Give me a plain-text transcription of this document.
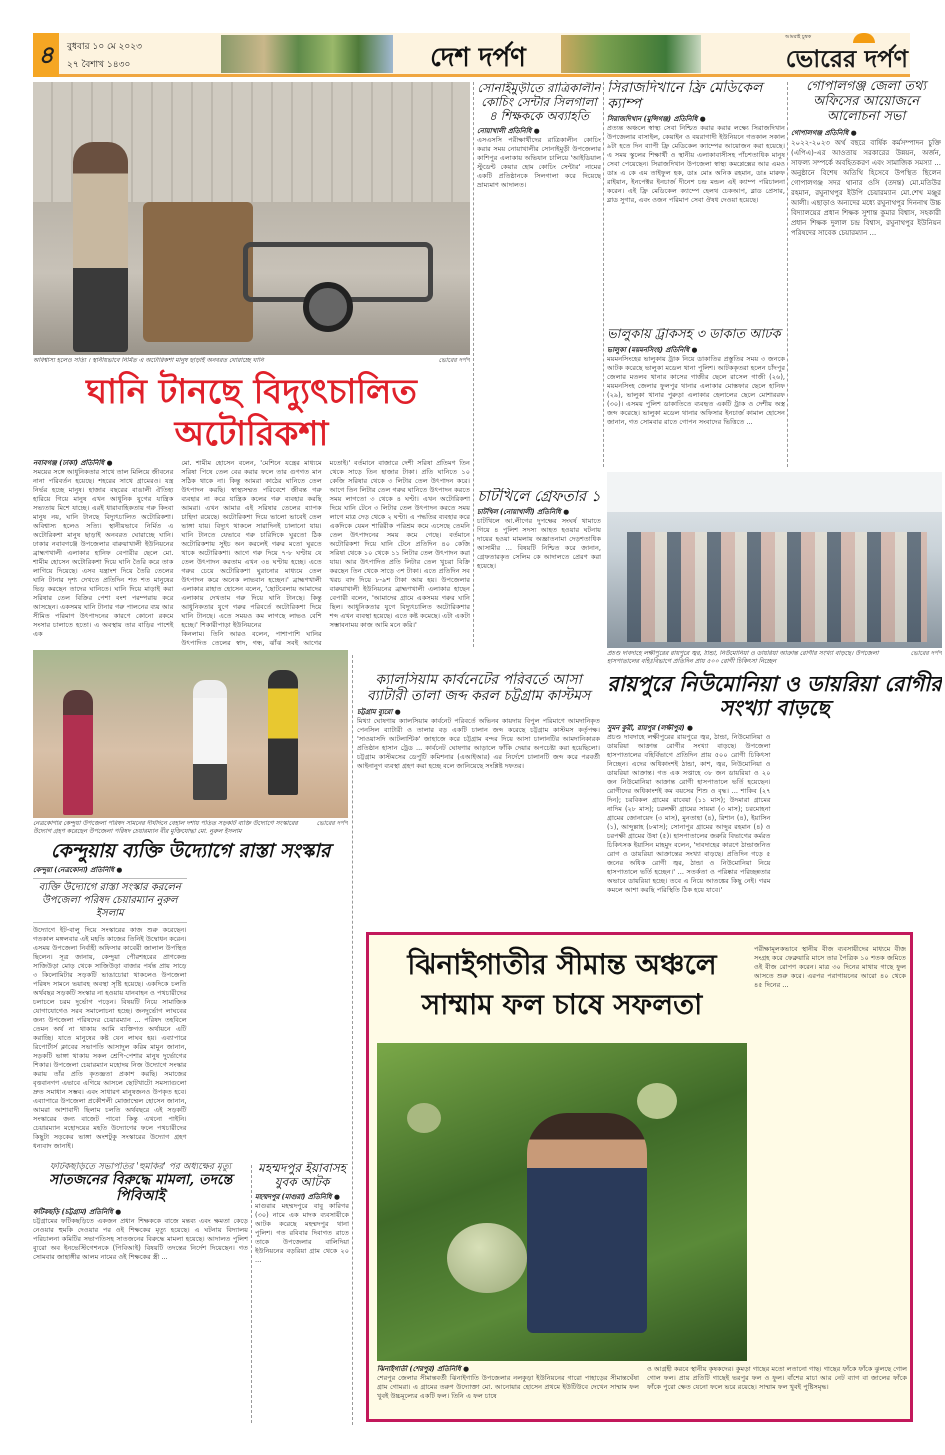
৪	বুধবার ১০ মে ২০২৩
২৭ বৈশাখ ১৪৩০	দেশ দর্পণ
আমরাই চুম্বক
ভোরের দর্পণ
ভোরের দর্পণ
অবিশ্বাস্য হলেও সত্যি । স্থানীয়ভাবে নির্মিত এ অটোরিকশা মানুষ ছাড়াই অনবরত ঘোরাচ্ছে ঘানি
ঘানি টানছে বিদ্যুৎচালিত অটোরিকশা
নবাবগঞ্জ (ঢাকা) প্রতিনিধি ●

সময়ের সঙ্গে আধুনিকতার সাথে তাল মিলিয়ে জীবনের নানা পরিবর্তন হয়েছে। শহরের সাথে গ্রামেরও। যন্ত্র নির্ভর হচ্ছে মানুষ। হাজার বছরের বাঙালী ঐতিহ্য হারিয়ে গিয়ে মানুষ এখন আধুনিক যুগের যান্ত্রিক সভ্যতায় মিশে যাচ্ছে। এরই ধারাবাহিকতায় গরু কিংবা মানুষ নয়, ঘানি টানছে বিদ্যুৎচালিত অটোরিকশা। অবিশ্বাস্য হলেও সত্যি। স্থানীয়ভাবে নির্মিত এ অটোরিকশা মানুষ ছাড়াই অনবরত ঘোরাচ্ছে ঘানি। ঢাকার নবাবগঞ্জে উপজেলার বারুয়াখালী ইউনিয়নের ব্রাহ্মণখালী এলাকার হানিফ বেপারীর ছেলে মো. শামীম হোসেন অটোরিকশা দিয়ে ঘানি তৈরি করে তাক লাগিয়ে দিয়েছে। এসব যন্ত্রাংশ দিয়ে তৈরি তেলের ঘানি টানার দৃশ্য দেখতে প্রতিদিন শত শত মানুষের ভিড় করছেন তাদের ঘানিতে। ঘানি দিয়ে মাড়াই করা সরিষার তেল বিক্রির পেশা বংশ পরম্পরায় করে আসছেন। একসময় ঘানি টানার গরু পালনের ব্যয় আর সীমিত পরিমাণ উৎপাদনের কারণে কোনো রকমে সংসার চালাতে হতো। এ অবস্থায় তার বাড়ির পাশেই এক

মো. শামীম হোসেন বলেন, 'মেশিনে যন্ত্রের মাধ্যমে সরিষা পিষে তেল বের করার ফলে তার গুণগত মান সঠিক থাকে না। কিন্তু আমরা কাঠের ঘানিতে তেল উৎপাদন করছি। স্বাস্থ্যসম্মত পরিবেশে জীবন্ত গরু ব্যবহার না করে যান্ত্রিক কলের গরু ব্যবহার করছি আমরা। এখন আমার এই সরিষার তেলের ব্যাপক চাহিদা রয়েছে। অটোরিকশা দিয়ে ভালো ভাবেই তেল ভাঙ্গা যায়। বিদ্যুৎ থাকলে সারাদিনই চালানো যায়। ঘানি টানতে যেভাবে গরু চারিদিকে ঘুরতো ঠিক অটোরিকশায় সুইচ অন করলেই গরুর মতো ঘুরতে থাকে অটোরিকশা। আগে গরু দিয়ে ৭-৮ ঘণ্টায় যে তেল উৎপাদন করতাম এখন ৩৪ ঘণ্টায় হচ্ছে। এতে গরুর চেয়ে অটোরিকশা ঘুরানোর মাধ্যমে তেল উৎপাদন করে অনেক লাভবান হচ্ছেন।' ব্রাহ্মণখালী এলাকার রাহাত হোসেন বলেন, 'ছোটবেলায় আমাদের এলাকায় দেখতাম গরু দিয়ে ঘানি টানছে। কিন্তু আধুনিকতার যুগে গরুর পরিবর্তে অটোরিকশা দিয়ে ঘানি টানছে। এতে সময়ও কম লাগছে লাভও বেশি হচ্ছে।' শিকারীপাড়া ইউনিয়নের

কিনলাম। তিনি আরও বলেন, পাশাপাশি ঘানির উৎপাদিত তেলের স্বাদ, গন্ধ, ঝাঁঝ সবই আগের মতোই।' বর্তমানে বাজারে দেশী সরিষা প্রতিমণ তিন থেকে সাড়ে তিন হাজার টাকা। প্রতি ঘানিতে ১০ কেজি সরিষার থেকে ৩ লিটার তেল উৎপাদন করে। আগে তিন লিটার তেল গরুর ঘানিতে উৎপাদন করতে সময় লাগতো ৩ থেকে ৪ ঘণ্টা। এখন অটোরিকশা দিয়ে ঘানি টেনে ৩ লিটার তেল উৎপাদন করতে সময় লাগে মাত্র দেড় থেকে ২ ঘণ্টা। এ পদ্ধতির ব্যবহার করে একদিকে যেমন শারিরীক পরিশ্রম কমে এসেছে তেমনি তেল উৎপাদনের সময় কমে গেছে। বর্তমানে অটোরিকশা দিয়ে ঘানি টেনে প্রতিদিন ৪০ কেজি সরিষা থেকে ১০ থেকে ১১ লিটার তেল উৎপাদন করা যায়। আর উৎপাদিত প্রতি লিটার তেল খুচরা বিক্রি করছেন তিন থেকে সাড়ে ৩শ টাকা। এতে প্রতিদিন সব খরচ বাদ দিয়ে ৮-৯শ টাকা আয় হয়। উপজেলার বারুয়াখালী ইউনিয়নের ব্রাহ্মণখালী এলাকার হাছেন বেপারী বলেন, 'আমাদের গ্রামে একসময় গরুর ঘানি ছিল। আধুনিকতার যুগে বিদ্যুৎচালিত অটোরিকশার শব্দ এখন ব্যবস্থা হয়েছে। এতে কষ্ট কমেছে। এটা একটা সম্ভাবনাময় কাজ আমি মনে করি।'

সোনাইমুড়ীতে রাত্রিকালীন কোচিং সেন্টার সিলগালা ৪ শিক্ষককে অব্যাহতি
নোয়াখালী প্রতিনিধি ●
এসএসসি পরীক্ষার্থীদের রাত্রিকালীন কোচিং করার সময় নোয়াখালীর সোনাইমুড়ী উপজেলার কাশিপুর এলাকায় অভিযান চালিয়ে 'আইডিয়াল স্টুডেন্ট কেয়ার হোম কোচিং সেন্টার' নামের একটি প্রতিষ্ঠানকে সিলগালা করে দিয়েছে ভ্রাম্যমাণ আদালত।
চাটখিলে গ্রেফতার ১
চাটখিল (নোয়াখালী) প্রতিনিধি ●
চাটখিলে আ.লীগের দুপক্ষের সংঘর্ষ থামাতে গিয়ে ৪ পুলিশ সদস্য আহত হওয়ার ঘটনায় দায়ের হওয়া মামলায় অজ্ঞাতনামা দেড়শতাধিক আসামীর ... বিষয়টি নিশ্চিত করে জানান, গ্রেফতারকৃত সেলিম কে আদালতে প্রেরণ করা হয়েছে।
সিরাজদিখানে ফ্রি মেডিকেল ক্যাম্প
সিরাজদিখান (মুন্সিগঞ্জ) প্রতিনিধি ●
প্রত্যন্ত অঞ্চলে স্বাস্থ্য সেবা নিশ্চিত করার করার লক্ষ্যে সিরাজদিখান উপজেলার বাসাইল, কেয়াইন ও বয়রাগাদী ইউনিয়নে গতকাল সকাল ৯টা হতে দিন ব্যাপী ফ্রি মেডিকেল ক্যাম্পের আয়োজন করা হয়েছে। এ সময় স্কুলের শিক্ষার্থী ও স্থানীয় এলাকাবাসীসহ পাঁচশতাধিক মানুষ সেবা পেয়েছেন। সিরাজদিখান উপজেলা স্বাস্থ্য কমপ্লেক্সের আর এমও ডাঃ এ কে এম তাইফুল হক, ডাঃ মোঃ অনিক রহমান, ডাঃ মারুফ রাইয়ান, ইনপেক্টর ইনচার্জ দীনেশ চন্দ্র মন্ডল এই ক্যাম্প পরিচালনা করেন। এই ফ্রি মেডিকেল ক্যাম্পে হেলথ চেকআপ, ব্লাড প্রেসার, ব্লাড সুগার, এবং ওজন পরিমাপ সেবা ঔষধ দেওয়া হয়েছে।
ভালুকায় ট্রাকসহ ৩ ডাকাত আটক
ভালুকা (ময়মনসিংহ) প্রতিনিধি ●
ময়মনসিংহের ভালুকায় ট্রাক নিয়ে ডাকাতির প্রস্তুতির সময় ৩ জনকে আটক করেছে ভালুকা মডেল থানা পুলিশ। আটককৃতরা হলেন চাঁদপুর জেলার মতলব থানার কাসের গাজীর ছেলে রাসেল গাজী (২৬), ময়মনসিংহ জেলার ফুলপুর থানার এলাকার মোস্তফার ছেলে হানিফ (২৯), ভালুকা থানার পুরুড়া এলাকার হেলালের ছেলে মোশাররফ (৩০)। এসময় পুলিশ ডাকাতিতে ব্যবহৃত একটি ট্রাক ও দেশীয় অস্ত্র জব্দ করেছে। ভালুকা মডেল থানার অফিসার ইনচার্জ কামাল হোসেন জানান, গত সোমবার রাতে গোপন সংবাদের ভিত্তিতে ...
গোপালগঞ্জ জেলা তথ্য অফিসের আয়োজনে আলোচনা সভা
গোপালগঞ্জ প্রতিনিধি ●
২০২২-২০২৩ অর্থ বছরে বার্ষিক কর্মসম্পাদন চুক্তি (এপিএ)-এর আওতায় সরকারের উন্নয়ন, অর্জন, সাফল্য সম্পর্কে অবহিতকরণ এবং সামাজিক সমস্যা ... অনুষ্ঠানে বিশেষ অতিথি হিসেবে উপস্থিত ছিলেন গোপালগঞ্জ সদর থানার ওসি (তদন্ত) মো.মতিউর রহমান, রঘুনাথপুর ইউপি চেয়ারম্যান মো.শেখ মঞ্জুর আলী। এছাড়াও অন্যদের মধ্যে রঘুনাথপুর দিননাথ উচ্চ বিদ্যালয়ের প্রধান শিক্ষক সুশান্ত কুমার বিশ্বাস, সহকারী প্রধান শিক্ষক দুলাল চন্দ্র বিশ্বাস, রঘুনাথপুর ইউনিয়ন পরিষদের সাবেক চেয়ারম্যান ...
ভোরের দর্পণ
প্রচণ্ড দাবদাহে লক্ষীপুরের রায়পুরে জ্বর, ঠান্ডা, নিউমোনিয়া ও ডায়রিয়া আক্রান্ত রোগীর সংখ্যা বাড়ছে। উপজেলা হাসপাতালের বহিঃবিভাগে প্রতিদিন প্রায় ৫০০ রোগী চিকিৎসা নিচ্ছেন
রায়পুরে নিউমোনিয়া ও ডায়রিয়া রোগীর সংখ্যা বাড়ছে
সুমন কুরী, রায়পুর (লক্ষীপুর) ●
প্রচণ্ড দাবদাহে লক্ষীপুরের রায়পুরে জ্বর, ঠান্ডা, নিউমোনিয়া ও ডায়রিয়া আক্রান্ত রোগীর সংখ্যা বাড়ছে। উপজেলা হাসপাতালের বহির্বিভাগে প্রতিদিন প্রায় ৫০০ রোগী চিকিৎসা নিচ্ছেন। এদের অধিকাংশই ঠান্ডা, কাশ, জ্বর, নিউমোনিয়া ও ডায়রিয়া আক্রান্ত। গত এক সপ্তাহে ৩৮ জন ডায়রিয়া ও ২০ জন নিউমোনিয়া আক্রান্ত রোগী হাসপাতালে ভর্তি হয়েছেন। রোগীদের অধিকাংশই কম বয়সের শিশু ও বৃদ্ধ। ... শাকিব (২৭ দিন); চরবিকল গ্রামের রাবেয়া (১১ মাস); উদমারা গ্রামের নাদিম (২৮ মাস); চরলক্ষী গ্রামের সায়মা (৩ মাস); চরমোহনা গ্রামের জোনায়েদ (৩ মাস), মুনতাহা (৪), রিশান (৪), ইয়াসিন (১), আব্দুল্লাহ (৮মাস); সোনাপুর গ্রামের আব্দুর রহমান (৪) ও চরপক্ষী গ্রামের উষা (৫)। হাসপাতালের জরুরি বিভাগের কর্মরত চিকিৎসক ইয়াসিন মাহমুদ বলেন, 'দাবদাহের কারণে ঠান্ডাজনিত রোগ ও ডায়রিয়া আক্রান্তের সংখ্যা বাড়ছে। প্রতিদিন গড়ে ৫ জনের অধিক রোগী জ্বর, ঠান্ডা ও নিউমোনিয়া নিয়ে হাসপাতালে ভর্তি হচ্ছেন।' ... সতর্কতা ও পরিষ্কার পরিচ্ছন্নতার অভাবে ডায়রিয়া হচ্ছে। তবে এ নিয়ে আতঙ্কের কিছু নেই। গরম কমলে আশা করছি পরিস্থিতি ঠিক হয়ে যাবে।'
ভোরের দর্পণ
নেত্রকোণার কেন্দুয়া উপজেলা পরিষদ সামনের দীর্ঘদিনে বেহাল দশায় পতিত সড়কটি ব্যক্তি উদ্যোগে সংস্কারের উদ্যোগ গ্রহণ করেছেন উপজেলা পরিষদ চেয়ারম্যান বীর মুক্তিযোদ্ধা মো. নুরুল ইসলাম
কেন্দুয়ায় ব্যক্তি উদ্যোগে রাস্তা সংস্কার
কেন্দুয়া (নেত্রকোনা) প্রতিনিধি ●
ব্যক্তি উদ্যোগে রাস্তা সংস্কার করলেন উপজেলা পরিষদ চেয়ারম্যান নুরুল ইসলাম
উদ্যোগে ইট-বালু দিয়ে সংস্কারের কাজ শুরু করেছেন। গতকাল মঙ্গলবার এই মহতি কাজের তিনিই উদ্বোধন করেন। এসময় উপজেলা নির্বাহী অফিসার কাবেরী জালাল উপস্থিত ছিলেন। সূত্র জানায়, কেন্দুয়া পৌরশহরের প্রাণকেন্দ্র সাজিউড়া মোড় থেকে সাজিউড়া বাজার পর্যন্ত প্রায় সাড়ে ৩ কিলোমিটার সড়কটি ভাঙাচোরা থাকলেও উপজেলা পরিষদ সামনে ভয়াবহ অবস্থা সৃষ্টি হয়েছে। একদিকে চলতি অর্থবছর সড়কটি সংস্কার না হওয়ায় যানবাহন ও পথচারীদের চলাচলে চরম দুর্ভোগ পড়েন। বিষয়টি নিয়ে সামাজিক যোগাযোগেও সরব সমালোচনা হচ্ছে। জনদুর্ভোগ লাঘবের জন্য উপজেলা পরিষদের চেয়ারম্যান ... পরিষদ তহবিলে তেমন অর্থ না থাকায় আমি ব্যক্তিগত অর্থায়নে এটি করাচ্ছি। যাতে মানুষের কষ্ট যেন লাঘব হয়। এব্যাপারে রিপোর্টার্স ক্লাবের সভাপতি আসাদুল করিম মামুন জানান, সড়কটি ভাঙ্গা থাকায় সকল শ্রেণি-পেশার মানুষ দুর্ভোগের শিকার। উপজেলা চেয়ারম্যান মহোদয় নিজ উদ্যোগে সংস্কার করায় তাঁর প্রতি কৃতজ্ঞতা প্রকাশ করছি। সমাজের বৃত্তবানগণ এভাবে এগিয়ে আসলে ছোটখাটো সমস্যাগুলো দ্রুত সমাধান সম্ভব। এবং সাধারণ মানুষজনও উপকৃত হবে। এব্যাপারে উপজেলা প্রকৌশলী মোজাম্মেল হোসেন জানান, আমরা আশাবাদী ছিলাম চলতি অর্থবছরে এই সড়কটি সংস্কারের জন্য বাজেট পাবো কিন্তু এখনো পাইনি। চেয়ারম্যান মহোদয়ের মহতি উদ্যোগের ফলে পথচারীদের কিছুটা সড়কের ভাঙ্গা অংশটুকু সংস্কারের উদ্যোগ গ্রহণ ধন্যবাদ জানাই।
ক্যালসিয়াম কার্বনেটের পরিবর্তে আসা ব্যাটারী তালা জব্দ করল চট্টগ্রাম কাস্টমস
চট্টগ্রাম ব্যুরো ●
মিথ্যা ঘোষণায় ক্যালসিয়াম কার্বনেট পরিবর্তে অভিনব কায়দায় বিপুল পরিমাণে আমদানিকৃত পেনসিল ব্যাটারী ও তালার বড় একটি চালান জব্দ করেছে চট্টগ্রাম কাস্টমস কর্তৃপক্ষ। 'সাওয়াসদি আটলান্টিক' জাহাজে করে চট্টগ্রাম বন্দর দিয়ে আসা চালানটির আমদানিকারক প্রতিষ্ঠান হাসান ট্রেড ... কার্বনেট ঘোষণার আড়ালে ফাঁকি দেয়ার অপচেষ্টা করা হয়েছিলো। চট্টগ্রাম কাস্টমসের ডেপুটি কমিশনার (এআইআর) এর নির্দেশে চালানটি জব্দ করে পরবর্তী আইনানুগ ব্যবস্থা গ্রহণ করা হচ্ছে বলে জানিয়েছে সংশ্লিষ্ট দফতর।
ঝিনাইগাতীর সীমান্ত অঞ্চলে সাম্মাম ফল চাষে সফলতা
পরীক্ষামূলকভাবে স্থানীয় বীজ ব্যবসায়ীদের মাধ্যমে বীজ সংগ্রহ করে ফেব্রুয়ারি মাসে তার পৈত্রিক ১০ শতক জমিতে ওই বীজ রোপণ করেন। মাত্র ৩০ দিনের মাথায় গাছে ফুল আসতে শুরু করে। এরপর পরাগায়নের আরো ৪০ থেকে ৪৫ দিনের ...
ঝিনাইগাতী (শেরপুর) প্রতিনিধি ●
শেরপুর জেলার সীমান্তবর্তী ঝিনাইগাতি উপজেলার নলকুড়া ইউনিয়নের গারো পাহাড়ের সীমান্তঘেঁষা গ্রাম গোমরা। এ গ্রামের তরুণ উদ্যোক্তা মো. আনোয়ার হোসেন প্রথমে ইউটিউবে দেখেন সাম্মাম ফল খুবই উচ্চমূল্যের একটি ফল। তিনি এ ফল চাষে
ও আগ্রহী করবে স্থানীয় কৃষকদের। কুমড়া গাছের মতো লতানো গাছ। গাছের ফাঁকে ফাঁকে ঝুলছে গোল গোল ফল। প্রায় প্রতিটি গাছেই ভরপুর ফল ও ফুল। বাঁশের মাচা আর নেট ব্যাগ বা জালের ফাঁকে ফাঁকে পুরো ক্ষেত যেনো ফলে ভরে রয়েছে। সাম্মাম ফল খুবই পুষ্টিসমৃদ্ধ।
ফটিকছড়িতে সভাপতির 'হুমকির' পর অধ্যক্ষের মৃত্যু
সাতজনের বিরুদ্ধে মামলা, তদন্তে পিবিআই
ফটিকছড়ি (চট্টগ্রাম) প্রতিনিধি ●
চট্টগ্রামের ফটিকছড়িতে একজন প্রধান শিক্ষককে বাজে মন্তব্য এবং ক্ষমতা কেড়ে নেওয়ার হুমকি দেওয়ার পর ওই শিক্ষকের মৃত্যু হয়েছে। এ ঘটনায় বিদ্যালয় পরিচালনা কমিটির সভাপতিসহ সাতজনের বিরুদ্ধে মামলা হয়েছে। আদালত পুলিশ ব্যুরো অব ইনভেস্টিগেশনকে (পিবিআই) বিষয়টি তদন্তের নির্দেশ দিয়েছেন। গত সোমবার জাহাঙ্গীর আলম নামের ওই শিক্ষকের স্ত্রী ...
মহম্মদপুর ইয়াবাসহ যুবক আটক
মহম্মদপুর (মাগুরা) প্রতিনিধি ●
মাগুরার মহম্মদপুরে বাবু কারিগর (৩০) নামে এক মাদক ব্যবসায়ীকে আটক করেছে মহম্মদপুর থানা পুলিশ। গত রবিবার দিবাগত রাতে তাকে উপজেলার বালিদিয়া ইউনিয়নের বড়রিয়া গ্রাম থেকে ২০ ...
